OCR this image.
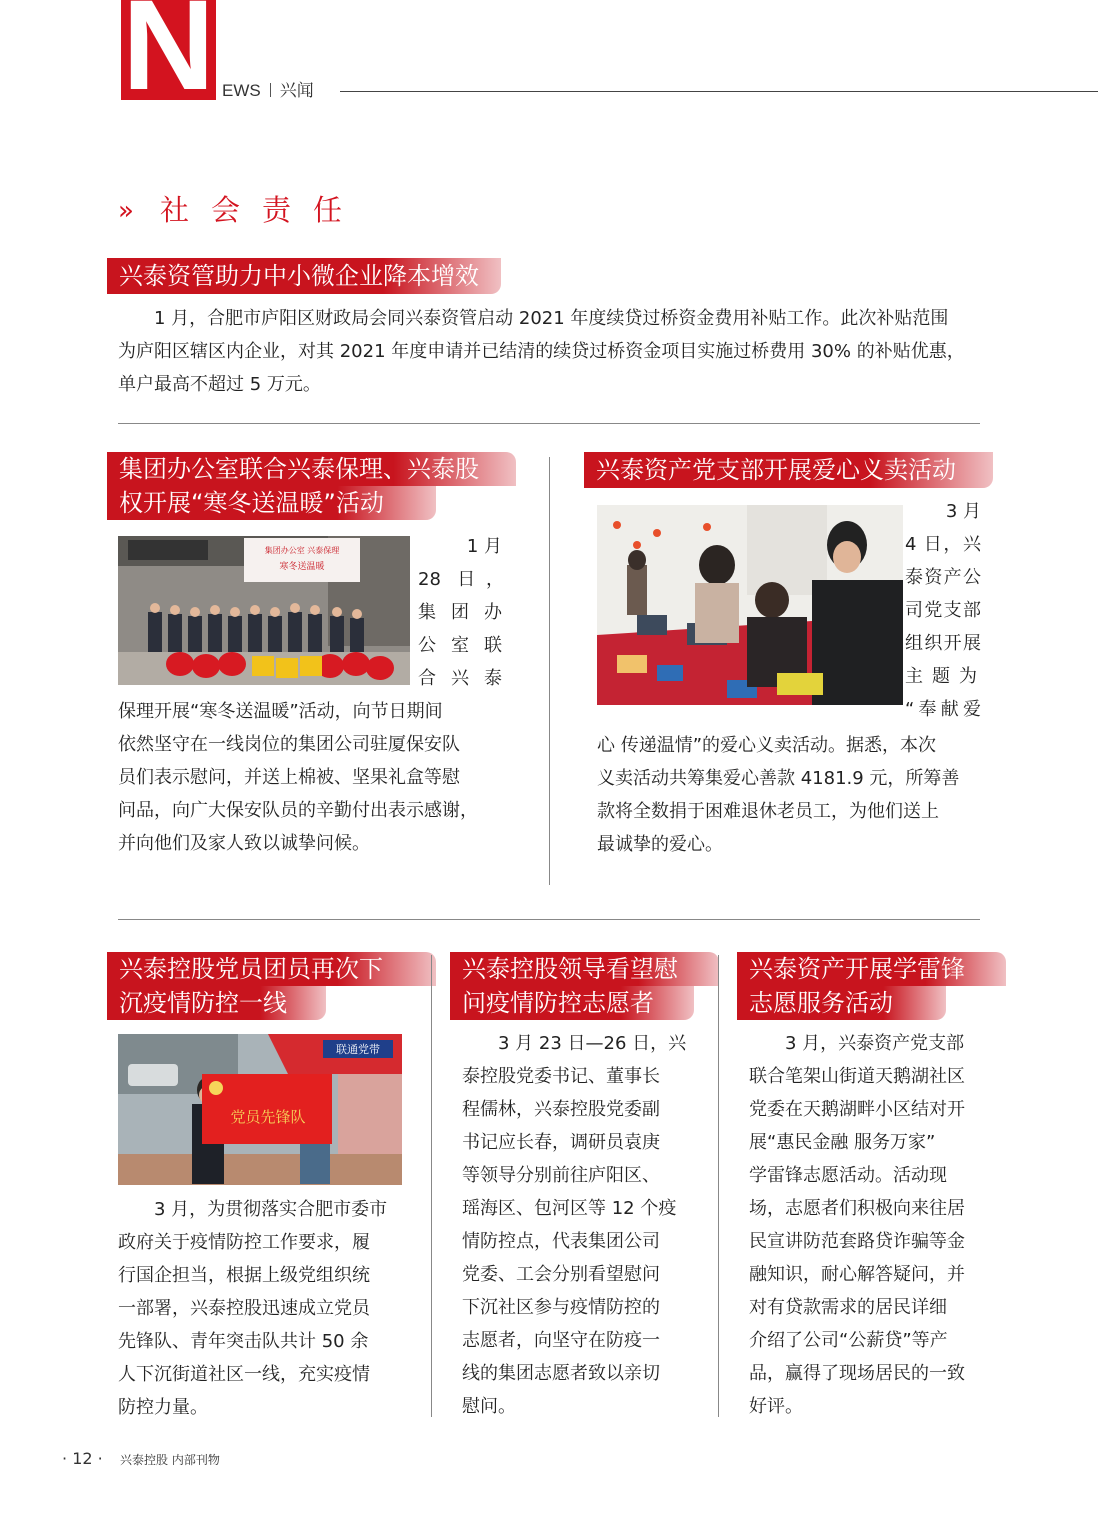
N EWS 兴闻
» 社会责任
兴泰资管助力中小微企业降本增效
1 月，合肥市庐阳区财政局会同兴泰资管启动 2021 年度续贷过桥资金费用补贴工作。此次补贴范围
为庐阳区辖区内企业，对其 2021 年度申请并已结清的续贷过桥资金项目实施过桥费用 30% 的补贴优惠，
单户最高不超过 5 万元。
集团办公室联合兴泰保理、兴泰股
权开展“寒冬送温暖”活动
集团办公室 兴泰保理
寒冬送温暖
1 月
28 日，
集团办
公室联
合兴泰
保理开展“寒冬送温暖”活动，向节日期间
依然坚守在一线岗位的集团公司驻厦保安队
员们表示慰问，并送上棉被、坚果礼盒等慰
问品，向广大保安队员的辛勤付出表示感谢，
并向他们及家人致以诚挚问候。
兴泰资产党支部开展爱心义卖活动
3 月
4 日，兴
泰资产公
司党支部
组织开展
主题为
“奉献爱
心 传递温情”的爱心义卖活动。据悉，本次
义卖活动共筹集爱心善款 4181.9 元，所筹善
款将全数捐于困难退休老员工，为他们送上
最诚挚的爱心。
兴泰控股党员团员再次下
沉疫情防控一线
联通党带
党员先锋队
3 月，为贯彻落实合肥市委市
政府关于疫情防控工作要求，履
行国企担当，根据上级党组织统
一部署，兴泰控股迅速成立党员
先锋队、青年突击队共计 50 余
人下沉街道社区一线，充实疫情
防控力量。
兴泰控股领导看望慰
问疫情防控志愿者
3 月 23 日—26 日，兴
泰控股党委书记、董事长
程儒林，兴泰控股党委副
书记应长春，调研员袁庚
等领导分别前往庐阳区、
瑶海区、包河区等 12 个疫
情防控点，代表集团公司
党委、工会分别看望慰问
下沉社区参与疫情防控的
志愿者，向坚守在防疫一
线的集团志愿者致以亲切
慰问。
兴泰资产开展学雷锋
志愿服务活动
3 月，兴泰资产党支部
联合笔架山街道天鹅湖社区
党委在天鹅湖畔小区结对开
展“惠民金融 服务万家”
学雷锋志愿活动。活动现
场，志愿者们积极向来往居
民宣讲防范套路贷诈骗等金
融知识，耐心解答疑问，并
对有贷款需求的居民详细
介绍了公司“公薪贷”等产
品，赢得了现场居民的一致
好评。
· 12 · 兴泰控股 内部刊物
